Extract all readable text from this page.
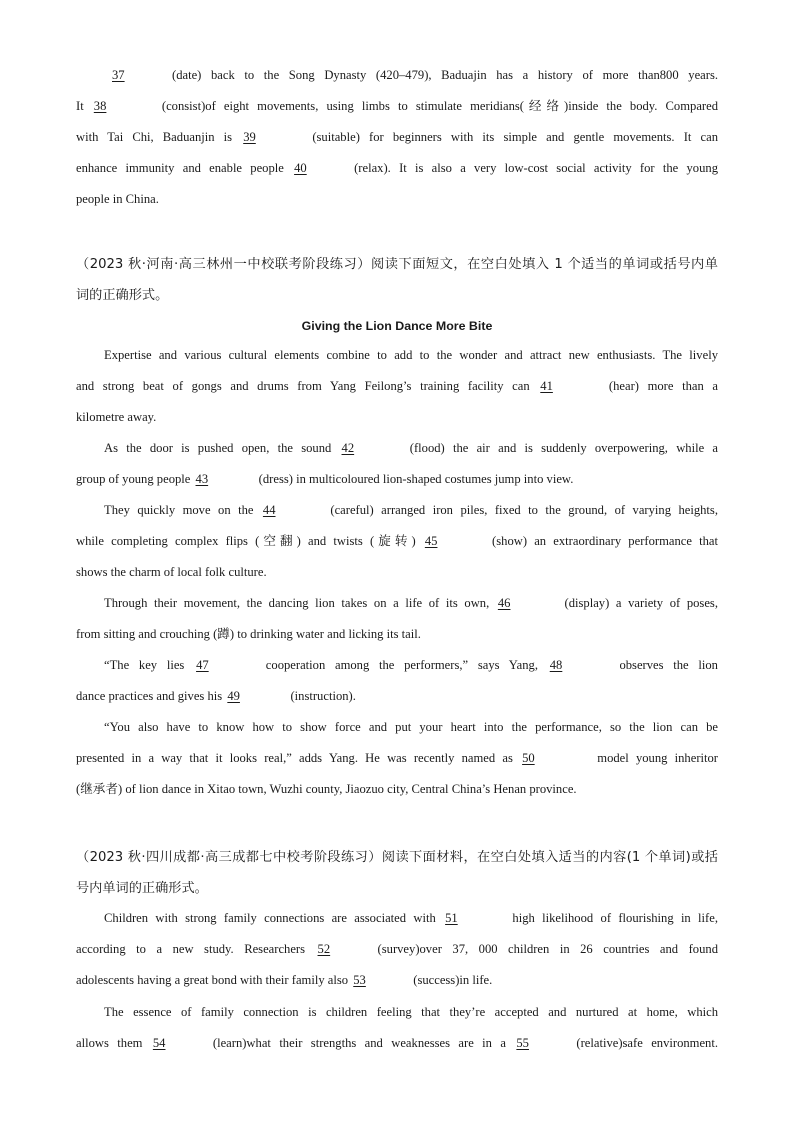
37	(date) back to the Song Dynasty (420–479), Baduajin has a history of more than800 years.
It 38	(consist)of eight movements, using limbs to stimulate meridians(经络)inside the body. Compared
with Tai Chi, Baduanjin is 39	(suitable) for beginners with its simple and gentle movements. It can
enhance immunity and enable people 40	(relax). It is also a very low-cost social activity for the young
people in China.
（2023 秋·河南·高三林州一中校联考阶段练习）阅读下面短文，在空白处填入 1 个适当的单词或括号内单
词的正确形式。
Giving the Lion Dance More Bite
Expertise and various cultural elements combine to add to the wonder and attract new enthusiasts. The lively
and strong beat of gongs and drums from Yang Feilong’s training facility can 41	(hear) more than a
kilometre away.
As the door is pushed open, the sound 42	(flood) the air and is suddenly overpowering, while a
group of young people 43	(dress) in multicoloured lion-shaped costumes jump into view.
They quickly move on the 44	(careful) arranged iron piles, fixed to the ground, of varying heights,
while completing complex flips (空翻) and twists (旋转) 45	(show) an extraordinary performance that
shows the charm of local folk culture.
Through their movement, the dancing lion takes on a life of its own, 46	(display) a variety of poses,
from sitting and crouching (蹲) to drinking water and licking its tail.
“The key lies 47	cooperation among the performers,” says Yang, 48	observes the lion
dance practices and gives his 49	(instruction).
“You also have to know how to show force and put your heart into the performance, so the lion can be
presented in a way that it looks real,” adds Yang. He was recently named as 50	model young inheritor
(继承者) of lion dance in Xitao town, Wuzhi county, Jiaozuo city, Central China’s Henan province.
（2023 秋·四川成都·高三成都七中校考阶段练习）阅读下面材料，在空白处填入适当的内容(1 个单词)或括
号内单词的正确形式。
Children with strong family connections are associated with 51	high likelihood of flourishing in life,
according to a new study. Researchers 52	(survey)over 37, 000 children in 26 countries and found
adolescents having a great bond with their family also 53	(success)in life.
The essence of family connection is children feeling that they’re accepted and nurtured at home, which
allows them 54	(learn)what their strengths and weaknesses are in a 55	(relative)safe environment.
